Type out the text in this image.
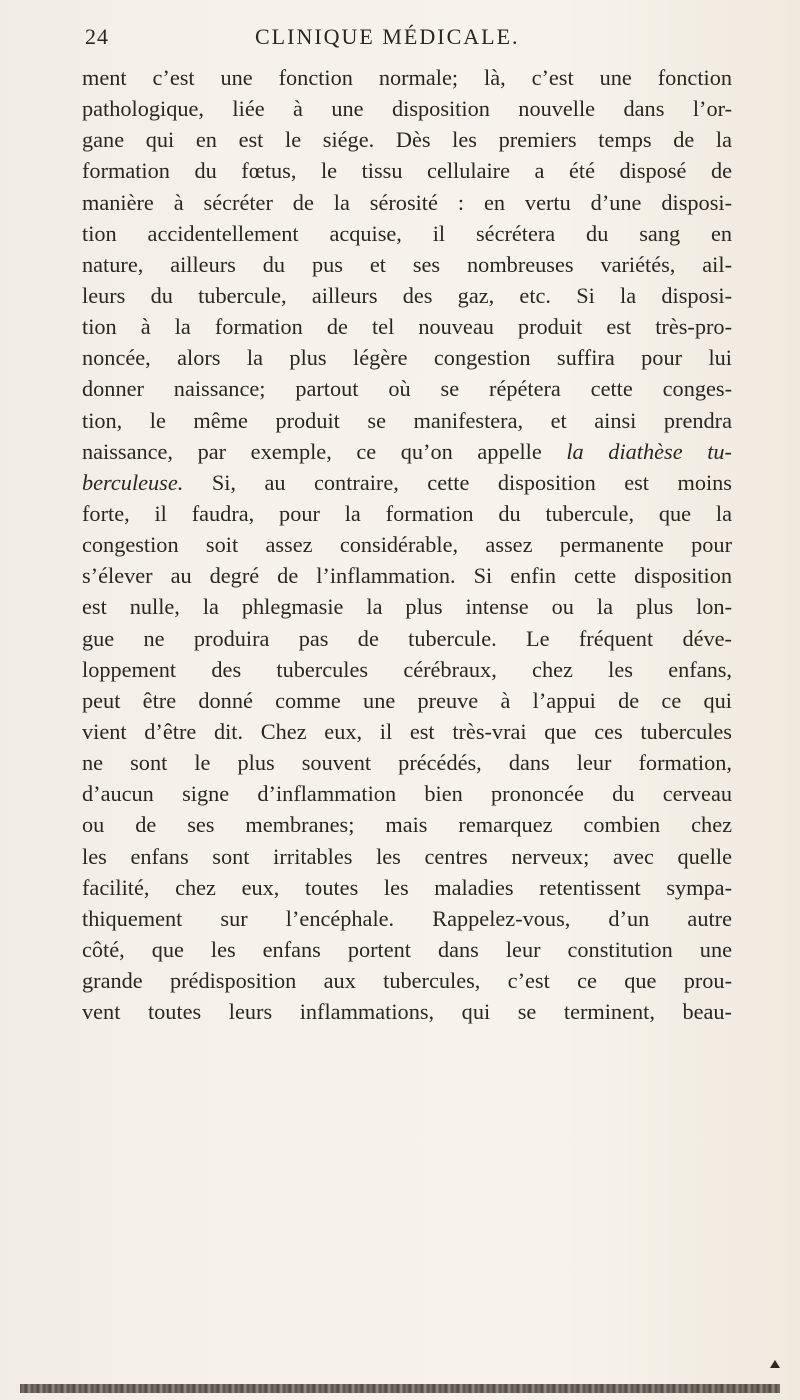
24	CLINIQUE MÉDICALE.
ment c’est une fonction normale; là, c’est une fonction
pathologique, liée à une disposition nouvelle dans l’or-
gane qui en est le siége. Dès les premiers temps de la
formation du fœtus, le tissu cellulaire a été disposé de
manière à sécréter de la sérosité : en vertu d’une disposi-
tion accidentellement acquise, il sécrétera du sang en
nature, ailleurs du pus et ses nombreuses variétés, ail-
leurs du tubercule, ailleurs des gaz, etc. Si la disposi-
tion à la formation de tel nouveau produit est très-pro-
noncée, alors la plus légère congestion suffira pour lui
donner naissance; partout où se répétera cette conges-
tion, le même produit se manifestera, et ainsi prendra
naissance, par exemple, ce qu’on appelle la diathèse tu-
berculeuse. Si, au contraire, cette disposition est moins
forte, il faudra, pour la formation du tubercule, que la
congestion soit assez considérable, assez permanente pour
s’élever au degré de l’inflammation. Si enfin cette disposition
est nulle, la phlegmasie la plus intense ou la plus lon-
gue ne produira pas de tubercule. Le fréquent déve-
loppement des tubercules cérébraux, chez les enfans,
peut être donné comme une preuve à l’appui de ce qui
vient d’être dit. Chez eux, il est très-vrai que ces tubercules
ne sont le plus souvent précédés, dans leur formation,
d’aucun signe d’inflammation bien prononcée du cerveau
ou de ses membranes; mais remarquez combien chez
les enfans sont irritables les centres nerveux; avec quelle
facilité, chez eux, toutes les maladies retentissent sympa-
thiquement sur l’encéphale. Rappelez-vous, d’un autre
côté, que les enfans portent dans leur constitution une
grande prédisposition aux tubercules, c’est ce que prou-
vent toutes leurs inflammations, qui se terminent, beau-
